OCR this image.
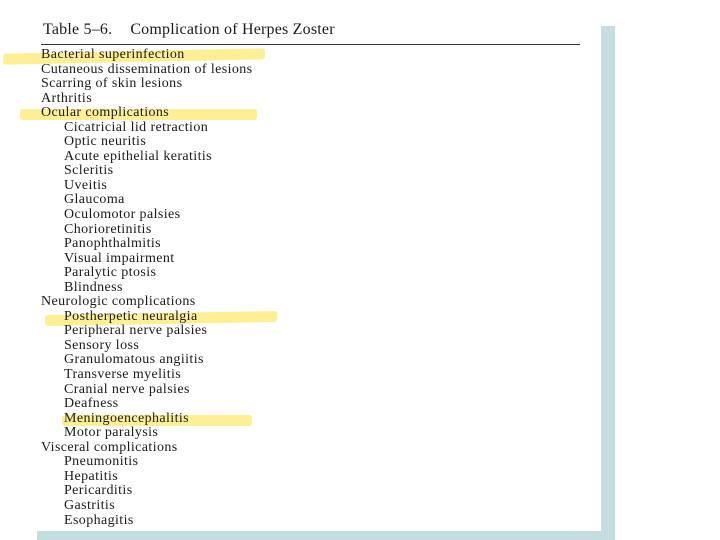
Table 5–6. Complication of Herpes Zoster
Bacterial superinfection
Cutaneous dissemination of lesions
Scarring of skin lesions
Arthritis
Ocular complications
Cicatricial lid retraction
Optic neuritis
Acute epithelial keratitis
Scleritis
Uveitis
Glaucoma
Oculomotor palsies
Chorioretinitis
Panophthalmitis
Visual impairment
Paralytic ptosis
Blindness
Neurologic complications
Postherpetic neuralgia
Peripheral nerve palsies
Sensory loss
Granulomatous angiitis
Transverse myelitis
Cranial nerve palsies
Deafness
Meningoencephalitis
Motor paralysis
Visceral complications
Pneumonitis
Hepatitis
Pericarditis
Gastritis
Esophagitis
